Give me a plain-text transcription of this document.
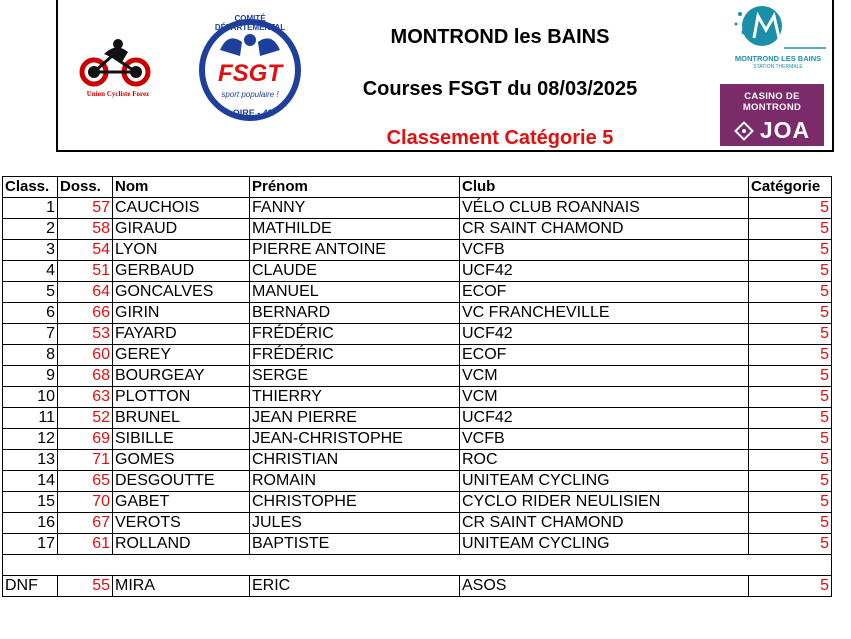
Union Cycliste Forez
COMITÉ DÉPARTEMENTAL
FSGT
sport populaire !
LOIRE - 42
MONTROND les BAINS
Courses FSGT du 08/03/2025
Classement Catégorie 5
MONTROND LES BAINS
STATION THERMALE
CASINO DE MONTROND
JOA
Class.	Doss.	Nom	Prénom	Club	Catégorie
1	57	CAUCHOIS	FANNY	VÉLO CLUB ROANNAIS	5
2	58	GIRAUD	MATHILDE	CR SAINT CHAMOND	5
3	54	LYON	PIERRE ANTOINE	VCFB	5
4	51	GERBAUD	CLAUDE	UCF42	5
5	64	GONCALVES	MANUEL	ECOF	5
6	66	GIRIN	BERNARD	VC FRANCHEVILLE	5
7	53	FAYARD	FRÉDÉRIC	UCF42	5
8	60	GEREY	FRÉDÉRIC	ECOF	5
9	68	BOURGEAY	SERGE	VCM	5
10	63	PLOTTON	THIERRY	VCM	5
11	52	BRUNEL	JEAN PIERRE	UCF42	5
12	69	SIBILLE	JEAN-CHRISTOPHE	VCFB	5
13	71	GOMES	CHRISTIAN	ROC	5
14	65	DESGOUTTE	ROMAIN	UNITEAM CYCLING	5
15	70	GABET	CHRISTOPHE	CYCLO RIDER NEULISIEN	5
16	67	VEROTS	JULES	CR SAINT CHAMOND	5
17	61	ROLLAND	BAPTISTE	UNITEAM CYCLING	5

DNF	55	MIRA	ERIC	ASOS	5
